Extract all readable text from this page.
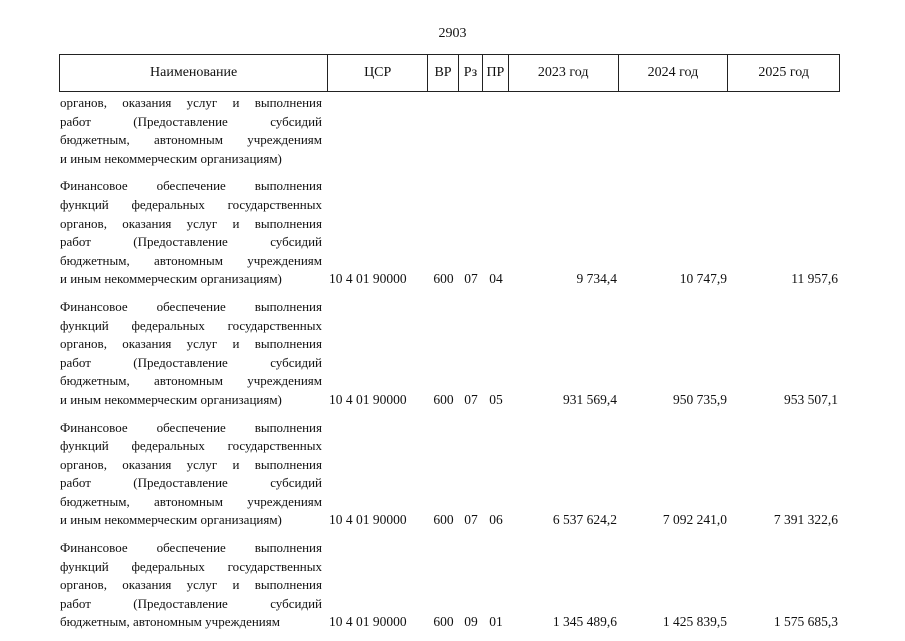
2903
Наименование	ЦСР	ВР Рз ПР	2023 год	2024 год	2025 год
органов, оказания услуг и выполнения
работ (Предоставление субсидий
бюджетным, автономным учреждениям
и иным некоммерческим организациям)
Финансовое обеспечение выполнения
функций федеральных государственных
органов, оказания услуг и выполнения
работ (Предоставление субсидий
бюджетным, автономным учреждениям
и иным некоммерческим организациям)	10 4 01 90000	600 07 04	9 734,4	10 747,9	11 957,6
Финансовое обеспечение выполнения
функций федеральных государственных
органов, оказания услуг и выполнения
работ (Предоставление субсидий
бюджетным, автономным учреждениям
и иным некоммерческим организациям)	10 4 01 90000	600 07 05	931 569,4	950 735,9	953 507,1
Финансовое обеспечение выполнения
функций федеральных государственных
органов, оказания услуг и выполнения
работ (Предоставление субсидий
бюджетным, автономным учреждениям
и иным некоммерческим организациям)	10 4 01 90000	600 07 06	6 537 624,2	7 092 241,0	7 391 322,6
Финансовое обеспечение выполнения
функций федеральных государственных
органов, оказания услуг и выполнения
работ (Предоставление субсидий
бюджетным, автономным учреждениям	10 4 01 90000	600 09 01	1 345 489,6	1 425 839,5	1 575 685,3
